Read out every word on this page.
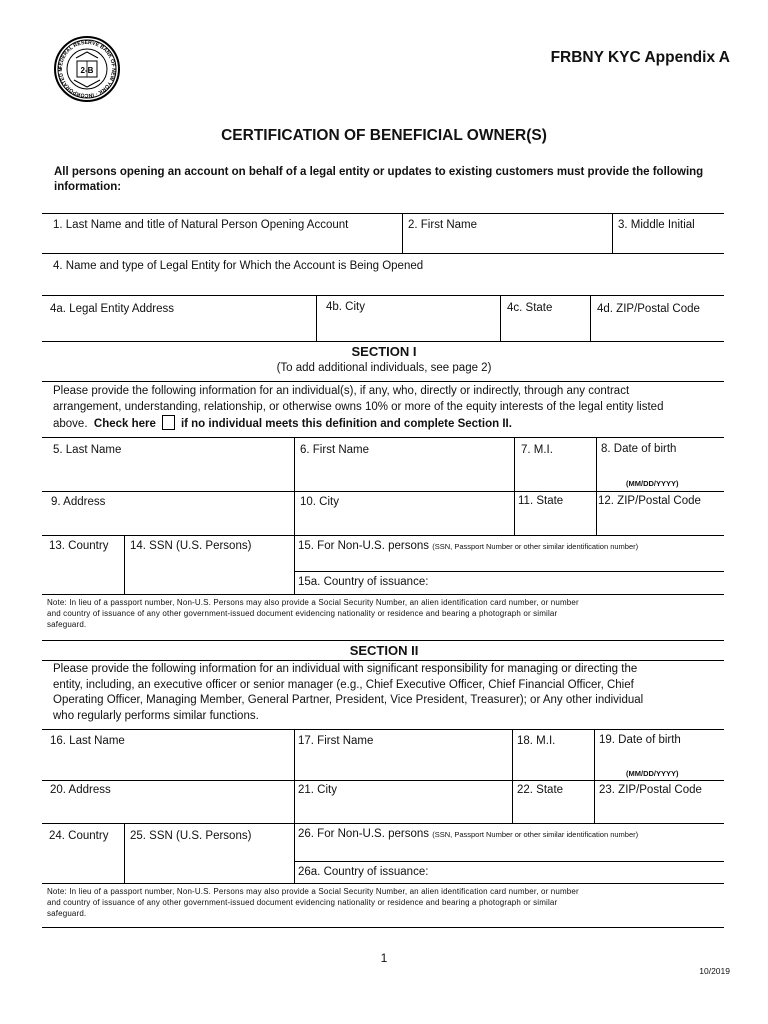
FEDERAL RESERVE BANK OF NEW YORK · INCORPORATED M	2-B
FRBNY KYC Appendix A
CERTIFICATION OF BENEFICIAL OWNER(S)
All persons opening an account on behalf of a legal entity or updates to existing customers must provide the following information:
1. Last Name and title of Natural Person Opening Account	2. First Name	3. Middle Initial
4. Name and type of Legal Entity for Which the Account is Being Opened
4a. Legal Entity Address	4b. City	4c. State	4d. ZIP/Postal Code
SECTION I
(To add additional individuals, see page 2)
Please provide the following information for an individual(s), if any, who, directly or indirectly, through any contract
arrangement, understanding, relationship, or otherwise owns 10% or more of the equity interests of the legal entity listed
above. Check here if no individual meets this definition and complete Section II.
5. Last Name	6. First Name	7. M.I.	8. Date of birth
(MM/DD/YYYY)
9. Address	10. City	11. State	12. ZIP/Postal Code
13. Country 14. SSN (U.S. Persons)	15. For Non-U.S. persons (SSN, Passport Number or other similar identification number)
15a. Country of issuance:
Note: In lieu of a passport number, Non-U.S. Persons may also provide a Social Security Number, an alien identification card number, or number
and country of issuance of any other government-issued document evidencing nationality or residence and bearing a photograph or similar
safeguard.
SECTION II
Please provide the following information for an individual with significant responsibility for managing or directing the
entity, including, an executive officer or senior manager (e.g., Chief Executive Officer, Chief Financial Officer, Chief
Operating Officer, Managing Member, General Partner, President, Vice President, Treasurer); or Any other individual
who regularly performs similar functions.
16. Last Name	17. First Name	18. M.I.	19. Date of birth
(MM/DD/YYYY)
20. Address	21. City	22. State	23. ZIP/Postal Code
24. Country 25. SSN (U.S. Persons)	26. For Non-U.S. persons (SSN, Passport Number or other similar identification number)
26a. Country of issuance:
Note: In lieu of a passport number, Non-U.S. Persons may also provide a Social Security Number, an alien identification card number, or number
and country of issuance of any other government-issued document evidencing nationality or residence and bearing a photograph or similar
safeguard.
1
10/2019
